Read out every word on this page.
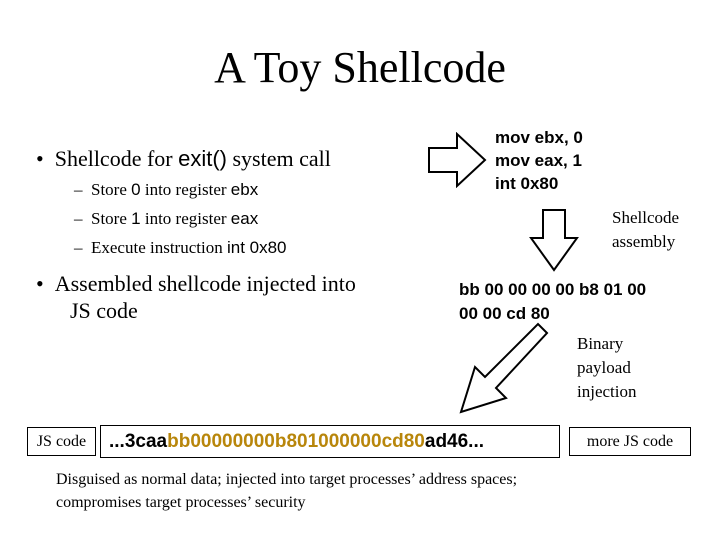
A Toy Shellcode
•  Shellcode for exit() system call
–  Store 0 into register ebx
–  Store 1 into register eax
–  Execute instruction int 0x80
•  Assembled shellcode injected into
JS code
mov ebx, 0
mov eax, 1
int 0x80
Shellcode
assembly
bb 00 00 00 00 b8 01 00
00 00 cd 80
Binary
payload
injection
JS code	...3caa bb00000000b801000000cd80 ad46...	more JS code
Disguised as normal data; injected into target processes’ address spaces;
compromises target processes’ security
